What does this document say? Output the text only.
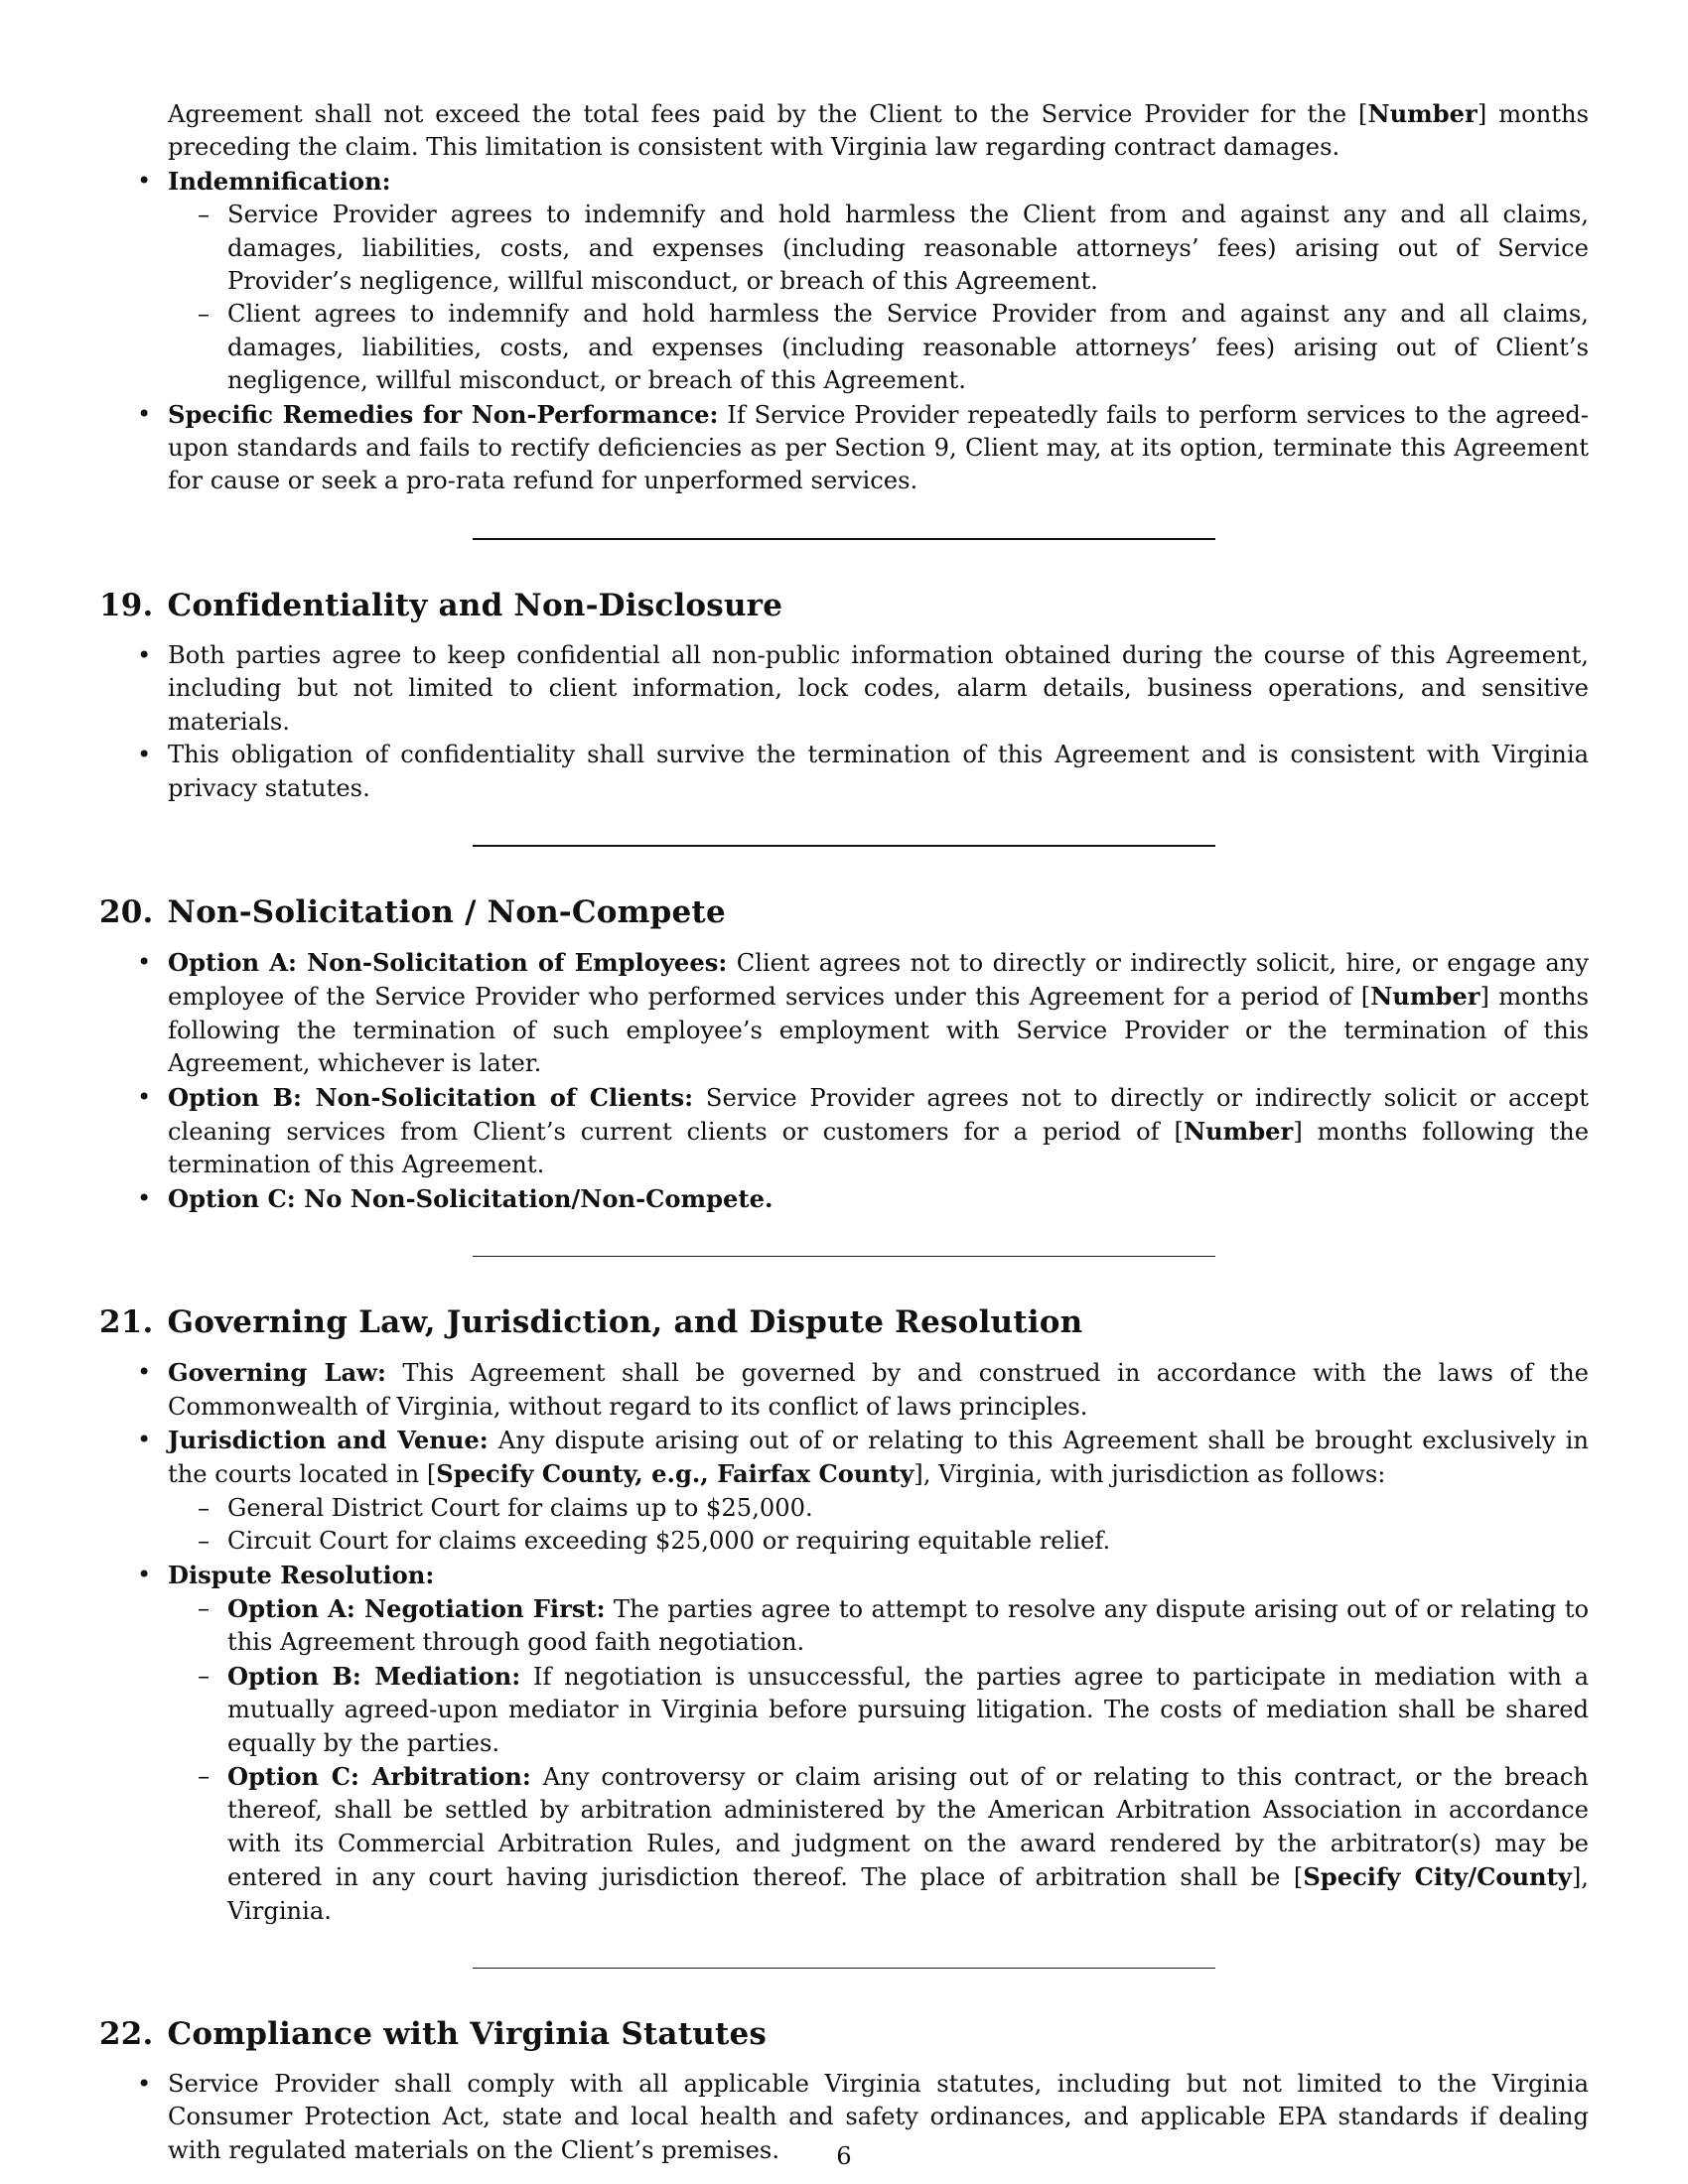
Agreement shall not exceed the total fees paid by the Client to the Service Provider for the [Number] months preceding the claim. This limitation is consistent with Virginia law regarding contract damages.

• Indemnification:
– Service Provider agrees to indemnify and hold harmless the Client from and against any and all claims, damages, liabilities, costs, and expenses (including reasonable attorneys’ fees) arising out of Service Provider’s negligence, willful misconduct, or breach of this Agreement.
– Client agrees to indemnify and hold harmless the Service Provider from and against any and all claims, damages, liabilities, costs, and expenses (including reasonable attorneys’ fees) arising out of Client’s negligence, willful misconduct, or breach of this Agreement.
• Specific Remedies for Non-Performance: If Service Provider repeatedly fails to perform services to the agreed-upon standards and fails to rectify deficiencies as per Section 9, Client may, at its option, terminate this Agreement for cause or seek a pro-rata refund for unperformed services.
19. Confidentiality and Non-Disclosure
• Both parties agree to keep confidential all non-public information obtained during the course of this Agreement, including but not limited to client information, lock codes, alarm details, business operations, and sensitive materials.
• This obligation of confidentiality shall survive the termination of this Agreement and is consistent with Virginia privacy statutes.
20. Non-Solicitation / Non-Compete
• Option A: Non-Solicitation of Employees: Client agrees not to directly or indirectly solicit, hire, or engage any employee of the Service Provider who performed services under this Agreement for a period of [Number] months following the termination of such employee’s employment with Service Provider or the termination of this Agreement, whichever is later.
• Option B: Non-Solicitation of Clients: Service Provider agrees not to directly or indirectly solicit or accept cleaning services from Client’s current clients or customers for a period of [Number] months following the termination of this Agreement.
• Option C: No Non-Solicitation/Non-Compete.
21. Governing Law, Jurisdiction, and Dispute Resolution
• Governing Law: This Agreement shall be governed by and construed in accordance with the laws of the Commonwealth of Virginia, without regard to its conflict of laws principles.
• Jurisdiction and Venue: Any dispute arising out of or relating to this Agreement shall be brought exclusively in the courts located in [Specify County, e.g., Fairfax County], Virginia, with jurisdiction as follows:
– General District Court for claims up to $25,000.
– Circuit Court for claims exceeding $25,000 or requiring equitable relief.
• Dispute Resolution:
– Option A: Negotiation First: The parties agree to attempt to resolve any dispute arising out of or relating to this Agreement through good faith negotiation.
– Option B: Mediation: If negotiation is unsuccessful, the parties agree to participate in mediation with a mutually agreed-upon mediator in Virginia before pursuing litigation. The costs of mediation shall be shared equally by the parties.
– Option C: Arbitration: Any controversy or claim arising out of or relating to this contract, or the breach thereof, shall be settled by arbitration administered by the American Arbitration Association in accordance with its Commercial Arbitration Rules, and judgment on the award rendered by the arbitrator(s) may be entered in any court having jurisdiction thereof. The place of arbitration shall be [Specify City/County], Virginia.
22. Compliance with Virginia Statutes
• Service Provider shall comply with all applicable Virginia statutes, including but not limited to the Virginia Consumer Protection Act, state and local health and safety ordinances, and applicable EPA standards if dealing with regulated materials on the Client’s premises.	6
